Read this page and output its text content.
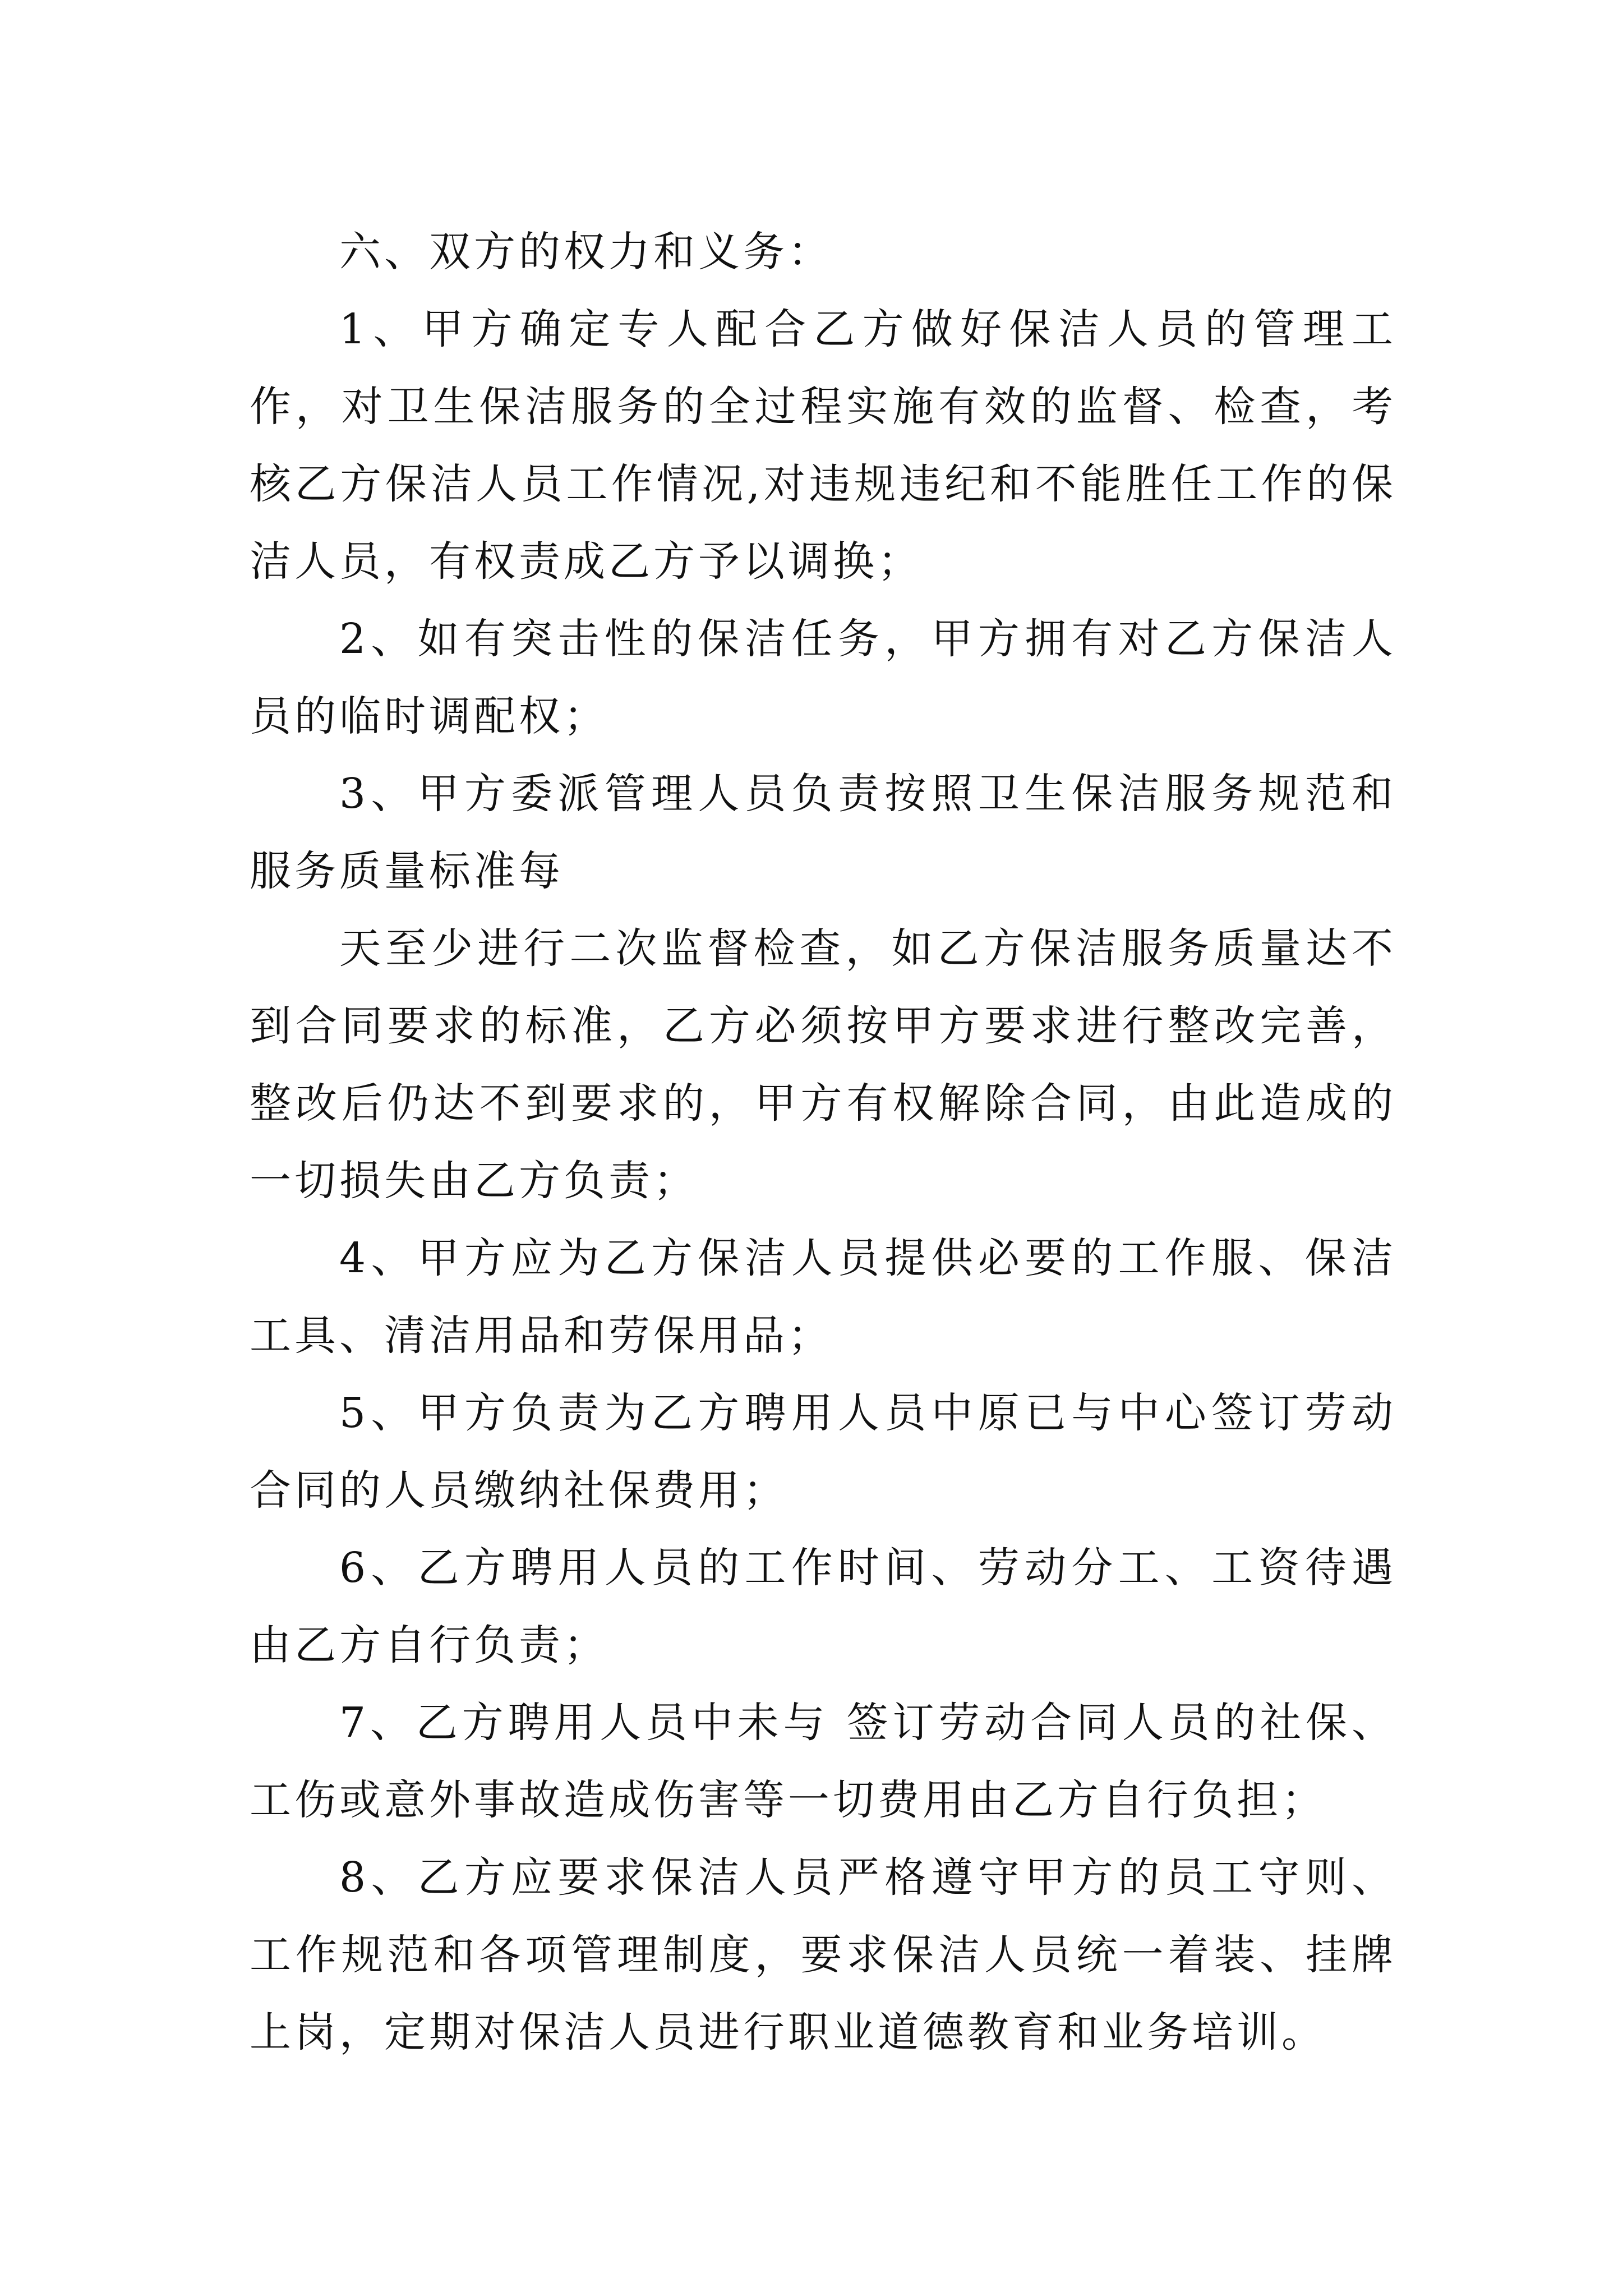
六、双方的权力和义务：

1、甲方确定专人配合乙方做好保洁人员的管理工作，对卫生保洁服务的全过程实施有效的监督、检查，考核乙方保洁人员工作情况,对违规违纪和不能胜任工作的保洁人员，有权责成乙方予以调换；

2、如有突击性的保洁任务，甲方拥有对乙方保洁人员的临时调配权；

3、甲方委派管理人员负责按照卫生保洁服务规范和服务质量标准每

天至少进行二次监督检查，如乙方保洁服务质量达不到合同要求的标准，乙方必须按甲方要求进行整改完善，整改后仍达不到要求的，甲方有权解除合同，由此造成的一切损失由乙方负责；

4、甲方应为乙方保洁人员提供必要的工作服、保洁工具、清洁用品和劳保用品；

5、甲方负责为乙方聘用人员中原已与中心签订劳动合同的人员缴纳社保费用；

6、乙方聘用人员的工作时间、劳动分工、工资待遇由乙方自行负责；

7、乙方聘用人员中未与 签订劳动合同人员的社保、工伤或意外事故造成伤害等一切费用由乙方自行负担；

8、乙方应要求保洁人员严格遵守甲方的员工守则、工作规范和各项管理制度，要求保洁人员统一着装、挂牌上岗，定期对保洁人员进行职业道德教育和业务培训。
